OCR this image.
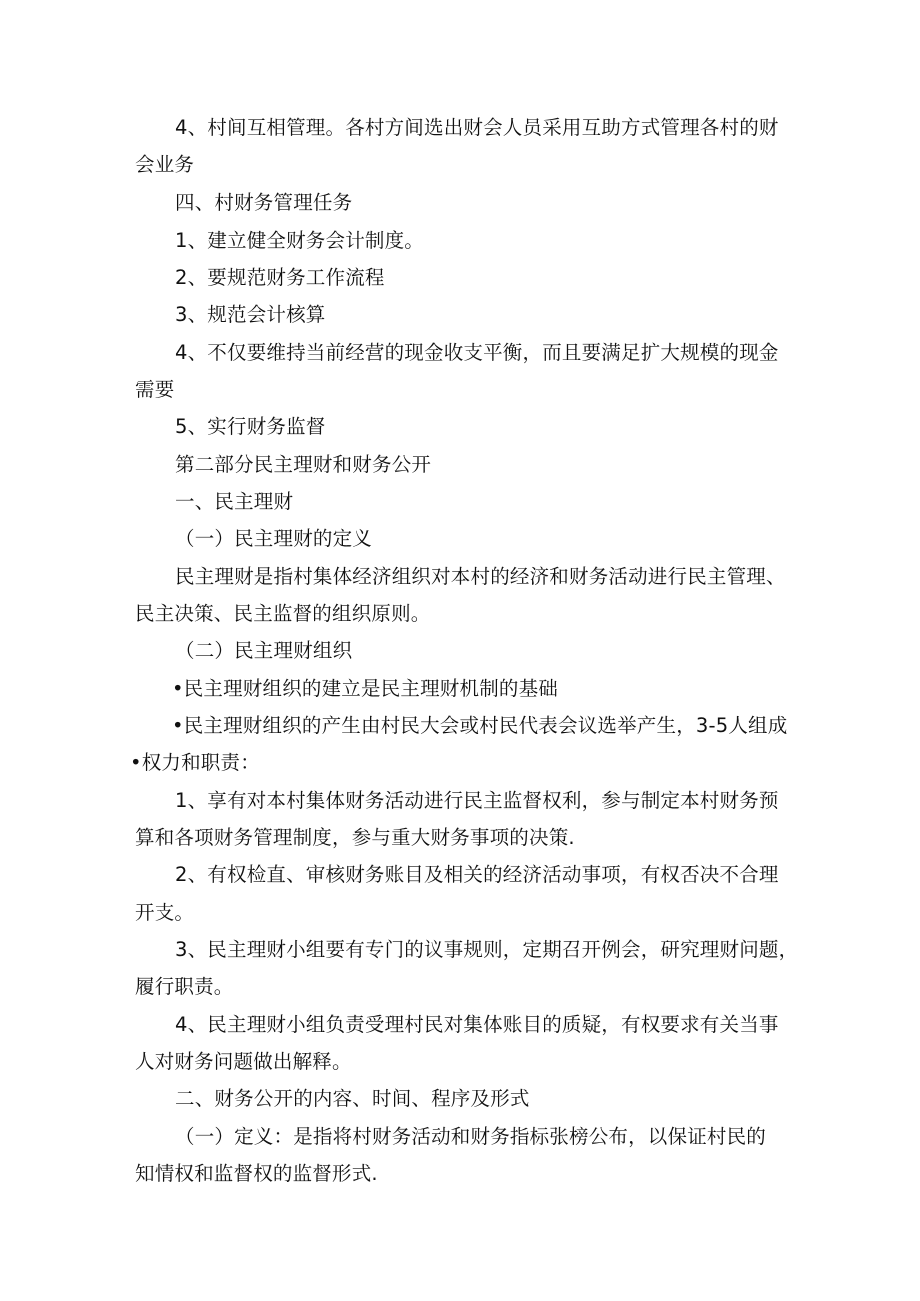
4、村间互相管理。各村方间选出财会人员采用互助方式管理各村的财
会业务
四、村财务管理任务
1、建立健全财务会计制度。
2、要规范财务工作流程
3、规范会计核算
4、不仅要维持当前经营的现金收支平衡，而且要满足扩大规模的现金
需要
5、实行财务监督
第二部分民主理财和财务公开
一、民主理财
（一）民主理财的定义
民主理财是指村集体经济组织对本村的经济和财务活动进行民主管理、
民主决策、民主监督的组织原则。
（二）民主理财组织
•民主理财组织的建立是民主理财机制的基础
•民主理财组织的产生由村民大会或村民代表会议选举产生，3-5人组成
•权力和职责：
1、享有对本村集体财务活动进行民主监督权利，参与制定本村财务预
算和各项财务管理制度，参与重大财务事项的决策.
2、有权检直、审核财务账目及相关的经济活动事项，有权否决不合理
开支。
3、民主理财小组要有专门的议事规则，定期召开例会，研究理财问题，
履行职责。
4、民主理财小组负责受理村民对集体账目的质疑，有权要求有关当事
人对财务问题做出解释。
二、财务公开的内容、时间、程序及形式
（一）定义：是指将村财务活动和财务指标张榜公布，以保证村民的
知情权和监督权的监督形式.
